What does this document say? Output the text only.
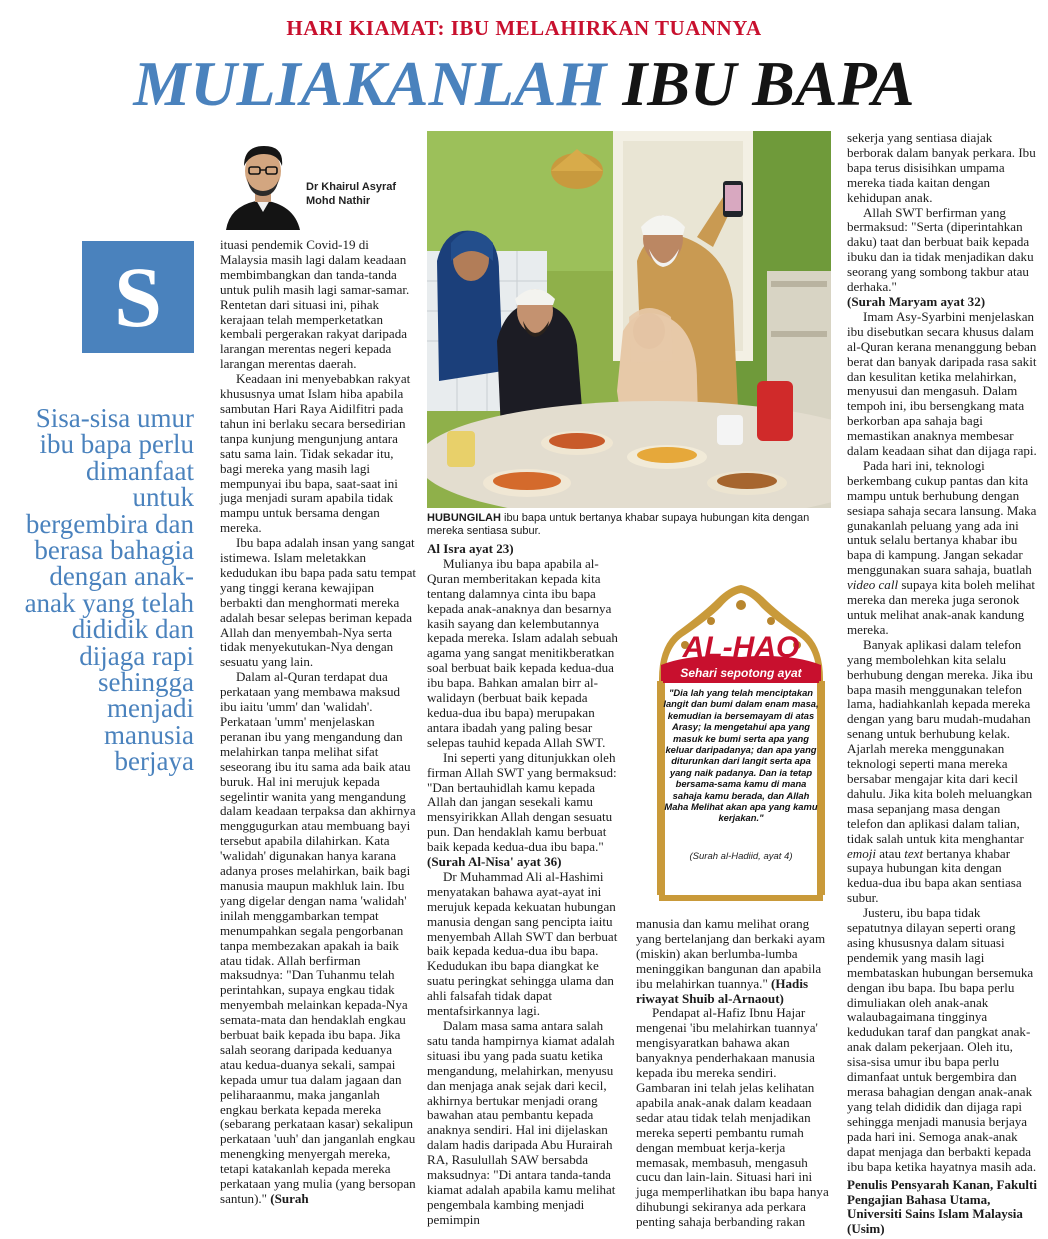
HARI KIAMAT: IBU MELAHIRKAN TUANNYA
MULIAKANLAH IBU BAPA
Dr Khairul Asyraf
Mohd Nathir
S
Sisa-sisa umur ibu bapa perlu dimanfaat untuk bergembira dan berasa bahagia dengan anak-anak yang telah dididik dan dijaga rapi sehingga menjadi manusia berjaya

ituasi pendemik Covid-19 di Malaysia masih lagi dalam keadaan membimbangkan dan tanda-tanda untuk pulih masih lagi samar-samar. Rentetan dari situasi ini, pihak kerajaan telah memperketatkan kembali pergerakan rakyat daripada larangan merentas negeri kepada larangan merentas daerah.

Keadaan ini menyebabkan rakyat khususnya umat Islam hiba apabila sambutan Hari Raya Aidilfitri pada tahun ini berlaku secara bersedirian tanpa kunjung mengunjung antara satu sama lain. Tidak sekadar itu, bagi mereka yang masih lagi mempunyai ibu bapa, saat-saat ini juga menjadi suram apabila tidak mampu untuk bersama dengan mereka.

Ibu bapa adalah insan yang sangat istimewa. Islam meletakkan kedudukan ibu bapa pada satu tempat yang tinggi kerana kewajipan berbakti dan menghormati mereka adalah besar selepas beriman kepada Allah dan menyembah-Nya serta tidak menyekutukan-Nya dengan sesuatu yang lain.

Dalam al-Quran terdapat dua perkataan yang membawa maksud ibu iaitu 'umm' dan 'walidah'. Perkataan 'umm' menjelaskan peranan ibu yang mengandung dan melahirkan tanpa melihat sifat seseorang ibu itu sama ada baik atau buruk. Hal ini merujuk kepada segelintir wanita yang mengandung dalam keadaan terpaksa dan akhirnya menggugurkan atau membuang bayi tersebut apabila dilahirkan. Kata 'walidah' digunakan hanya karana adanya proses melahirkan, baik bagi manusia maupun makhluk lain. Ibu yang digelar dengan nama 'walidah' inilah menggambarkan tempat menumpahkan segala pengorbanan tanpa membezakan apakah ia baik atau tidak. Allah berfirman maksudnya: "Dan Tuhanmu telah perintahkan, supaya engkau tidak menyembah melainkan kepada-Nya semata-mata dan hendaklah engkau berbuat baik kepada ibu bapa. Jika salah seorang daripada keduanya atau kedua-duanya sekali, sampai kepada umur tua dalam jagaan dan peliharaanmu, maka janganlah engkau berkata kepada mereka (sebarang perkataan kasar) sekalipun perkataan 'uuh' dan janganlah engkau menengking menyergah mereka, tetapi katakanlah kepada mereka perkataan yang mulia (yang bersopan santun)." (Surah

HUBUNGILAH ibu bapa untuk bertanya khabar supaya hubungan kita dengan mereka sentiasa subur.

Al Isra ayat 23)

Mulianya ibu bapa apabila al-Quran memberitakan kepada kita tentang dalamnya cinta ibu bapa kepada anak-anaknya dan besarnya kasih sayang dan kelembutannya kepada mereka. Islam adalah sebuah agama yang sangat menitikberatkan soal berbuat baik kepada kedua-dua ibu bapa. Bahkan amalan birr al-walidayn (berbuat baik kepada kedua-dua ibu bapa) merupakan antara ibadah yang paling besar selepas tauhid kepada Allah SWT.

Ini seperti yang ditunjukkan oleh firman Allah SWT yang bermaksud: "Dan bertauhidlah kamu kepada Allah dan jangan sesekali kamu mensyirikkan Allah dengan sesuatu pun. Dan hendaklah kamu berbuat baik kepada kedua-dua ibu bapa." (Surah Al-Nisa' ayat 36)

Dr Muhammad Ali al-Hashimi menyatakan bahawa ayat-ayat ini merujuk kepada kekuatan hubungan manusia dengan sang pencipta iaitu menyembah Allah SWT dan berbuat baik kepada kedua-dua ibu bapa. Kedudukan ibu bapa diangkat ke suatu peringkat sehingga ulama dan ahli falsafah tidak dapat mentafsirkannya lagi.

Dalam masa sama antara salah satu tanda hampirnya kiamat adalah situasi ibu yang pada suatu ketika mengandung, melahirkan, menyusu dan menjaga anak sejak dari kecil, akhirnya bertukar menjadi orang bawahan atau pembantu kepada anaknya sendiri. Hal ini dijelaskan dalam hadis daripada Abu Hurairah RA, Rasulullah SAW bersabda maksudnya: "Di antara tanda-tanda kiamat adalah apabila kamu melihat pengembala kambing menjadi pemimpin

AL-HAQ
Sehari sepotong ayat
"Dia lah yang telah menciptakan langit dan bumi dalam enam masa, kemudian ia bersemayam di atas Arasy; Ia mengetahui apa yang masuk ke bumi serta apa yang keluar daripadanya; dan apa yang diturunkan dari langit serta apa yang naik padanya. Dan ia tetap bersama-sama kamu di mana sahaja kamu berada, dan Allah Maha Melihat akan apa yang kamu kerjakan."
(Surah al-Hadiid, ayat 4)

manusia dan kamu melihat orang yang bertelanjang dan berkaki ayam (miskin) akan berlumba-lumba meninggikan bangunan dan apabila ibu melahirkan tuannya." (Hadis riwayat Shuib al-Arnaout)

Pendapat al-Hafiz Ibnu Hajar mengenai 'ibu melahirkan tuannya' mengisyaratkan bahawa akan banyaknya penderhakaan manusia kepada ibu mereka sendiri. Gambaran ini telah jelas kelihatan apabila anak-anak dalam keadaan sedar atau tidak telah menjadikan mereka seperti pembantu rumah dengan membuat kerja-kerja memasak, membasuh, mengasuh cucu dan lain-lain. Situasi hari ini juga memperlihatkan ibu bapa hanya dihubungi sekiranya ada perkara penting sahaja berbanding rakan

sekerja yang sentiasa diajak berborak dalam banyak perkara. Ibu bapa terus disisihkan umpama mereka tiada kaitan dengan kehidupan anak.

Allah SWT berfirman yang bermaksud: "Serta (diperintahkan daku) taat dan berbuat baik kepada ibuku dan ia tidak menjadikan daku seorang yang sombong takbur atau derhaka."
(Surah Maryam ayat 32)

Imam Asy-Syarbini menjelaskan ibu disebutkan secara khusus dalam al-Quran kerana menanggung beban berat dan banyak daripada rasa sakit dan kesulitan ketika melahirkan, menyusui dan mengasuh. Dalam tempoh ini, ibu bersengkang mata berkorban apa sahaja bagi memastikan anaknya membesar dalam keadaan sihat dan dijaga rapi.

Pada hari ini, teknologi berkembang cukup pantas dan kita mampu untuk berhubung dengan sesiapa sahaja secara lansung. Maka gunakanlah peluang yang ada ini untuk selalu bertanya khabar ibu bapa di kampung. Jangan sekadar menggunakan suara sahaja, buatlah video call supaya kita boleh melihat mereka dan mereka juga seronok untuk melihat anak-anak kandung mereka.

Banyak aplikasi dalam telefon yang membolehkan kita selalu berhubung dengan mereka. Jika ibu bapa masih menggunakan telefon lama, hadiahkanlah kepada mereka dengan yang baru mudah-mudahan senang untuk berhubung kelak. Ajarlah mereka menggunakan teknologi seperti mana mereka bersabar mengajar kita dari kecil dahulu. Jika kita boleh meluangkan masa sepanjang masa dengan telefon dan aplikasi dalam talian, tidak salah untuk kita menghantar emoji atau text bertanya khabar supaya hubungan kita dengan kedua-dua ibu bapa akan sentiasa subur.

Justeru, ibu bapa tidak sepatutnya dilayan seperti orang asing khususnya dalam situasi pendemik yang masih lagi membataskan hubungan bersemuka dengan ibu bapa. Ibu bapa perlu dimuliakan oleh anak-anak walaubagaimana tingginya kedudukan taraf dan pangkat anak-anak dalam pekerjaan. Oleh itu, sisa-sisa umur ibu bapa perlu dimanfaat untuk bergembira dan merasa bahagian dengan anak-anak yang telah dididik dan dijaga rapi sehingga menjadi manusia berjaya pada hari ini. Semoga anak-anak dapat menjaga dan berbakti kepada ibu bapa ketika hayatnya masih ada.

Penulis Pensyarah Kanan, Fakulti Pengajian Bahasa Utama, Universiti Sains Islam Malaysia (Usim)
